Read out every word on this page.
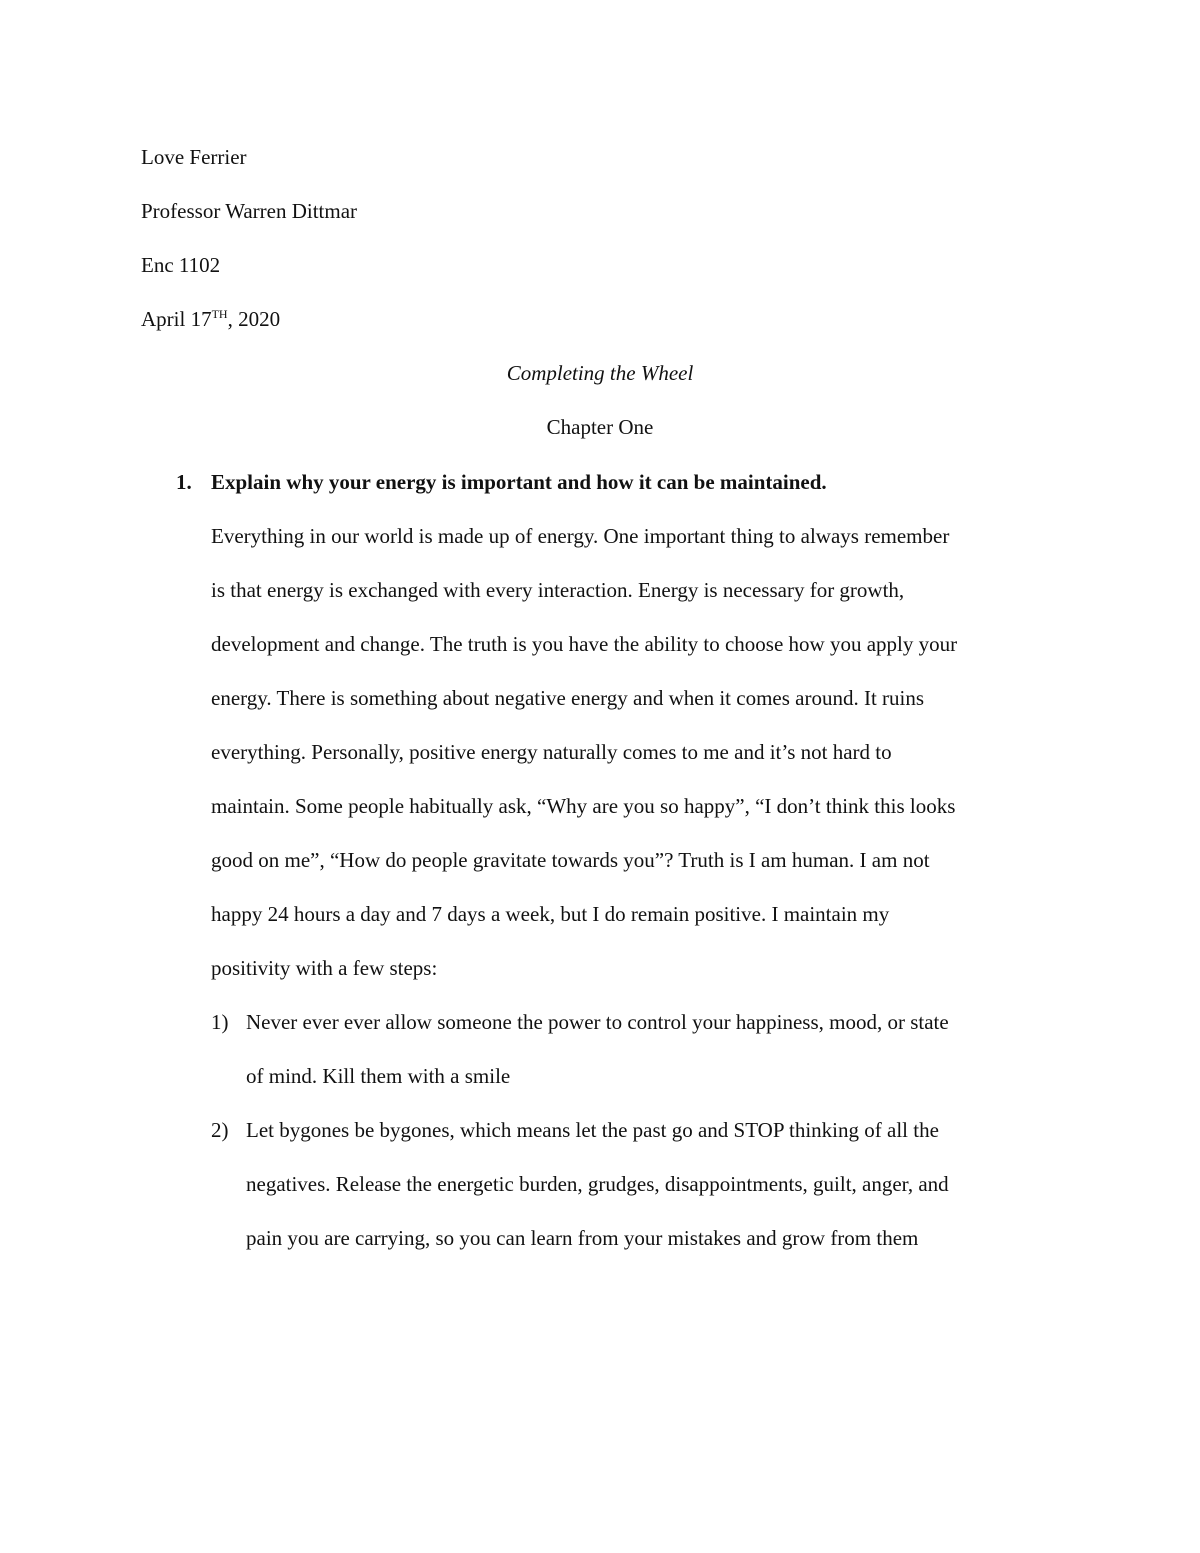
Love Ferrier
Professor Warren Dittmar
Enc 1102
April 17TH, 2020
Completing the Wheel
Chapter One
1. Explain why your energy is important and how it can be maintained.
Everything in our world is made up of energy. One important thing to always remember
is that energy is exchanged with every interaction. Energy is necessary for growth,
development and change. The truth is you have the ability to choose how you apply your
energy. There is something about negative energy and when it comes around. It ruins
everything. Personally, positive energy naturally comes to me and it’s not hard to
maintain. Some people habitually ask, “Why are you so happy”, “I don’t think this looks
good on me”, “How do people gravitate towards you”? Truth is I am human. I am not
happy 24 hours a day and 7 days a week, but I do remain positive. I maintain my
positivity with a few steps:
1) Never ever ever allow someone the power to control your happiness, mood, or state
of mind. Kill them with a smile
2) Let bygones be bygones, which means let the past go and STOP thinking of all the
negatives. Release the energetic burden, grudges, disappointments, guilt, anger, and
pain you are carrying, so you can learn from your mistakes and grow from them
